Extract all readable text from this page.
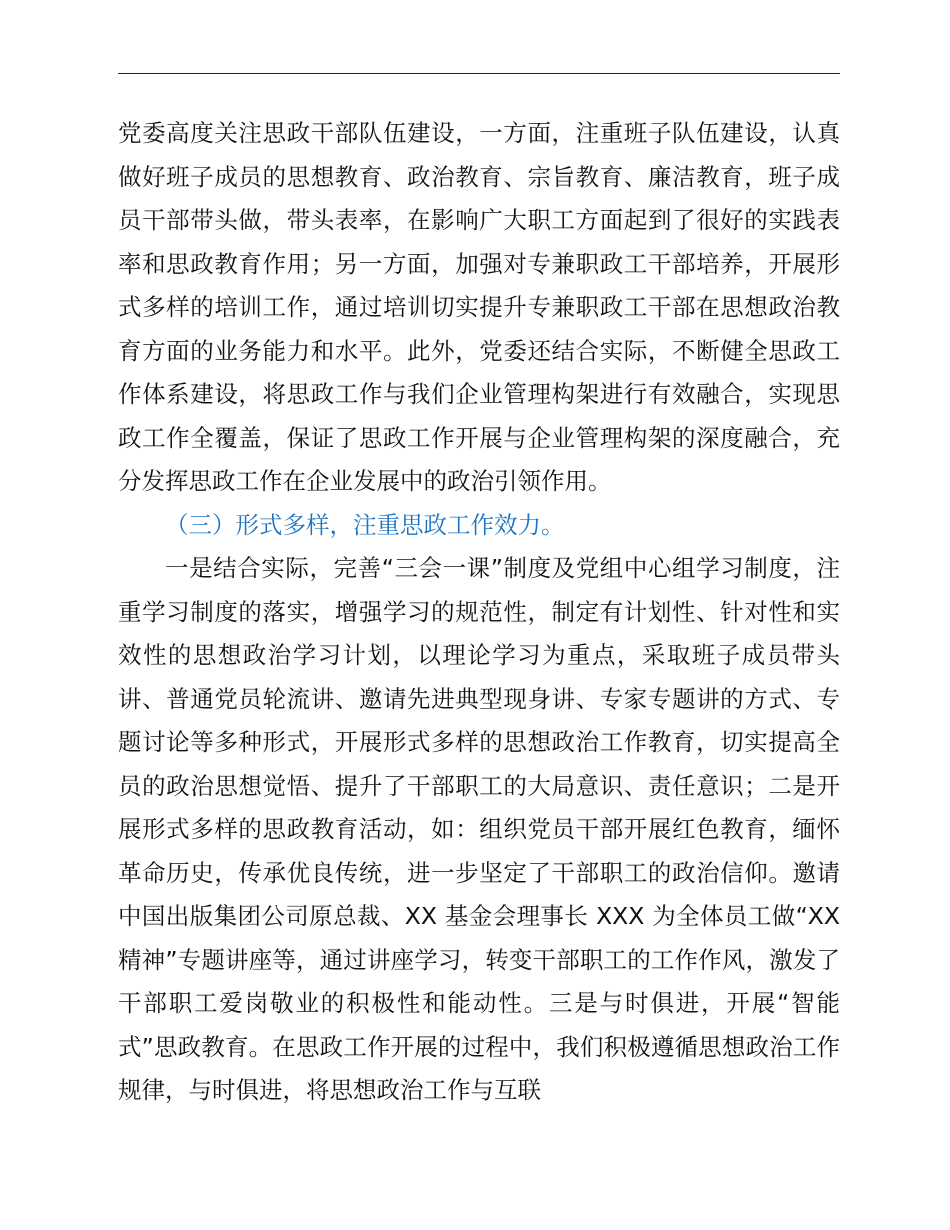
党委高度关注思政干部队伍建设，一方面，注重班子队伍建设，认真做好班子成员的思想教育、政治教育、宗旨教育、廉洁教育，班子成员干部带头做，带头表率，在影响广大职工方面起到了很好的实践表率和思政教育作用；另一方面，加强对专兼职政工干部培养，开展形式多样的培训工作，通过培训切实提升专兼职政工干部在思想政治教育方面的业务能力和水平。此外，党委还结合实际，不断健全思政工作体系建设，将思政工作与我们企业管理构架进行有效融合，实现思政工作全覆盖，保证了思政工作开展与企业管理构架的深度融合，充分发挥思政工作在企业发展中的政治引领作用。

（三）形式多样，注重思政工作效力。

一是结合实际，完善“三会一课”制度及党组中心组学习制度，注重学习制度的落实，增强学习的规范性，制定有计划性、针对性和实效性的思想政治学习计划，以理论学习为重点，采取班子成员带头讲、普通党员轮流讲、邀请先进典型现身讲、专家专题讲的方式、专题讨论等多种形式，开展形式多样的思想政治工作教育，切实提高全员的政治思想觉悟、提升了干部职工的大局意识、责任意识；二是开展形式多样的思政教育活动，如：组织党员干部开展红色教育，缅怀革命历史，传承优良传统，进一步坚定了干部职工的政治信仰。邀请中国出版集团公司原总裁、XX 基金会理事长 XXX 为全体员工做“XX 精神”专题讲座等，通过讲座学习，转变干部职工的工作作风，激发了干部职工爱岗敬业的积极性和能动性。三是与时俱进，开展“智能式”思政教育。在思政工作开展的过程中，我们积极遵循思想政治工作规律，与时俱进，将思想政治工作与互联
